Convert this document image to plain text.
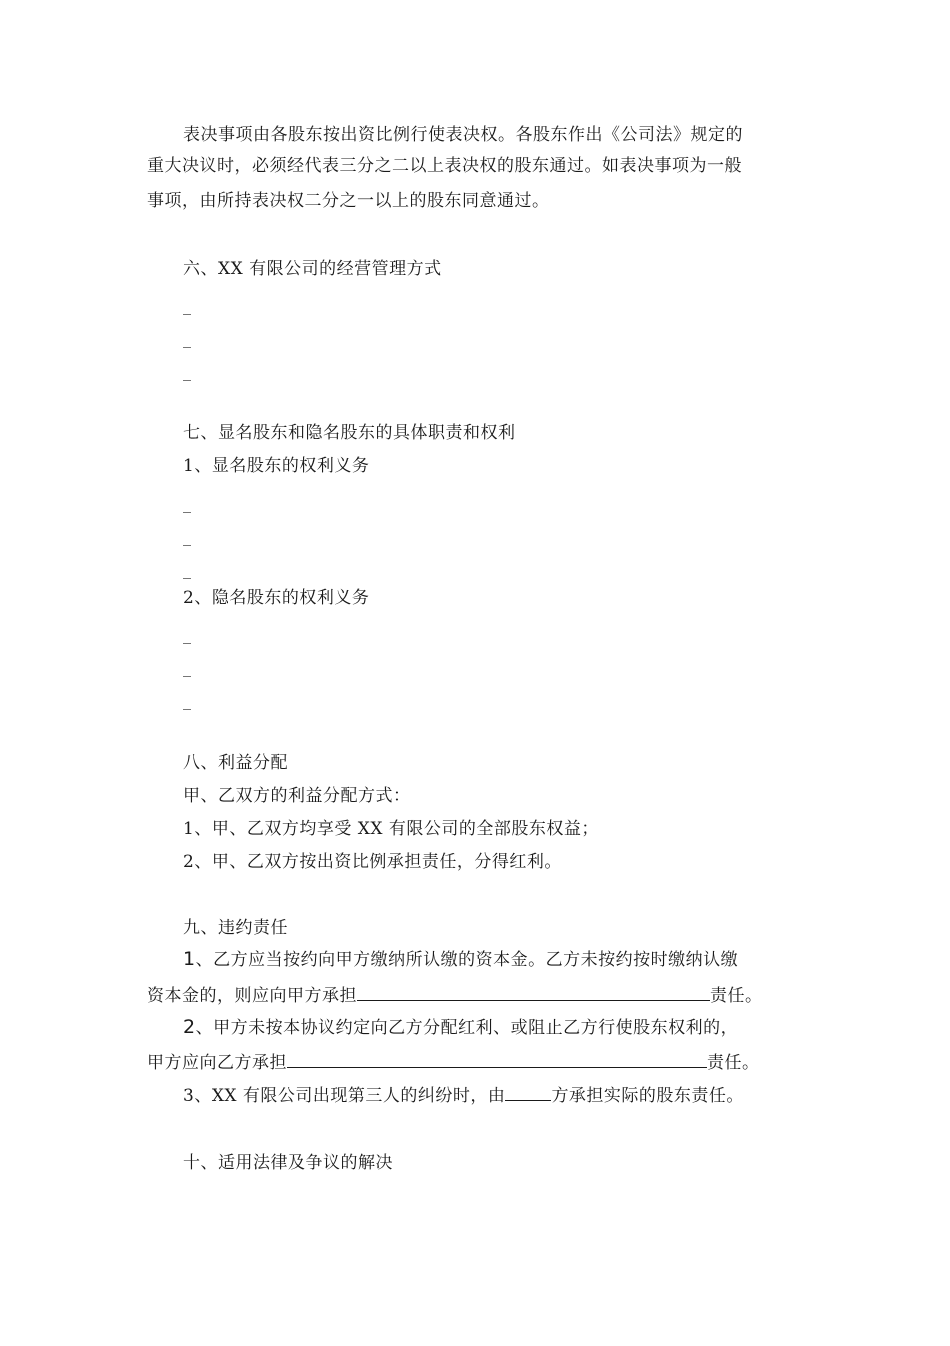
表决事项由各股东按出资比例行使表决权。各股东作出《公司法》规定的
重大决议时，必须经代表三分之二以上表决权的股东通过。如表决事项为一般
事项，由所持表决权二分之一以上的股东同意通过。
六、XX 有限公司的经营管理方式
_
_
_
七、显名股东和隐名股东的具体职责和权利
1、显名股东的权利义务
_
_
_
2、隐名股东的权利义务
_
_
_
八、利益分配
甲、乙双方的利益分配方式：
1、甲、乙双方均享受 XX 有限公司的全部股东权益；
2、甲、乙双方按出资比例承担责任，分得红利。
九、违约责任
1、乙方应当按约向甲方缴纳所认缴的资本金。乙方未按约按时缴纳认缴
资本金的，则应向甲方承担	责任。
2、甲方未按本协议约定向乙方分配红利、或阻止乙方行使股东权利的，
甲方应向乙方承担	责任。
3、XX 有限公司出现第三人的纠纷时，由	方承担实际的股东责任。
十、适用法律及争议的解决
